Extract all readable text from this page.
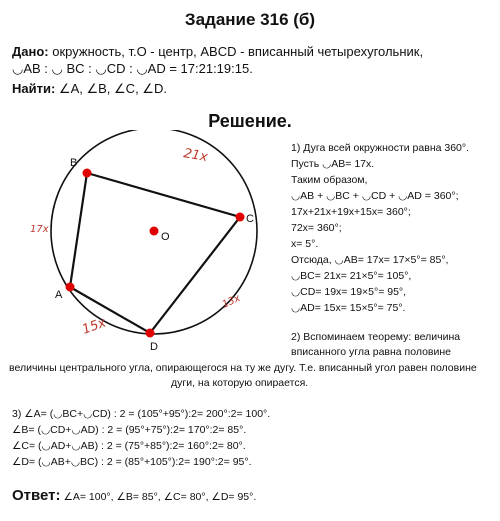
Задание 316 (б)
Дано: окружность, т.О - центр, ABCD - вписанный четырехугольник,
◡AB : ◡ BC : ◡CD : ◡AD = 17:21:19:15.
Найти: ∠A, ∠B, ∠C, ∠D.
Решение.
B
C
D
A
O
21x
17x
13x
15x
1) Дуга всей окружности равна 360°.
Пусть ◡AB= 17x.
Таким образом,
◡AB + ◡BC + ◡CD + ◡AD = 360°;
17x+21x+19x+15x= 360°;
72x= 360°;
x= 5°.
Отсюда, ◡AB= 17x= 17×5°= 85°,
◡BC= 21x= 21×5°= 105°,
◡CD= 19x= 19×5°= 95°,
◡AD= 15x= 15×5°= 75°.
2) Вспоминаем теорему: величина
вписанного угла равна половине
величины центрального угла, опирающегося на ту же дугу. Т.е. вписанный угол равен половине
дуги, на которую опирается.
3) ∠A= (◡BC+◡CD) : 2 = (105°+95°):2= 200°:2= 100°.
∠B= (◡CD+◡AD) : 2 = (95°+75°):2= 170°:2= 85°.
∠C= (◡AD+◡AB) : 2 = (75°+85°):2= 160°:2= 80°.
∠D= (◡AB+◡BC) : 2 = (85°+105°):2= 190°:2= 95°.
Ответ: ∠A= 100°, ∠B= 85°, ∠C= 80°, ∠D= 95°.
